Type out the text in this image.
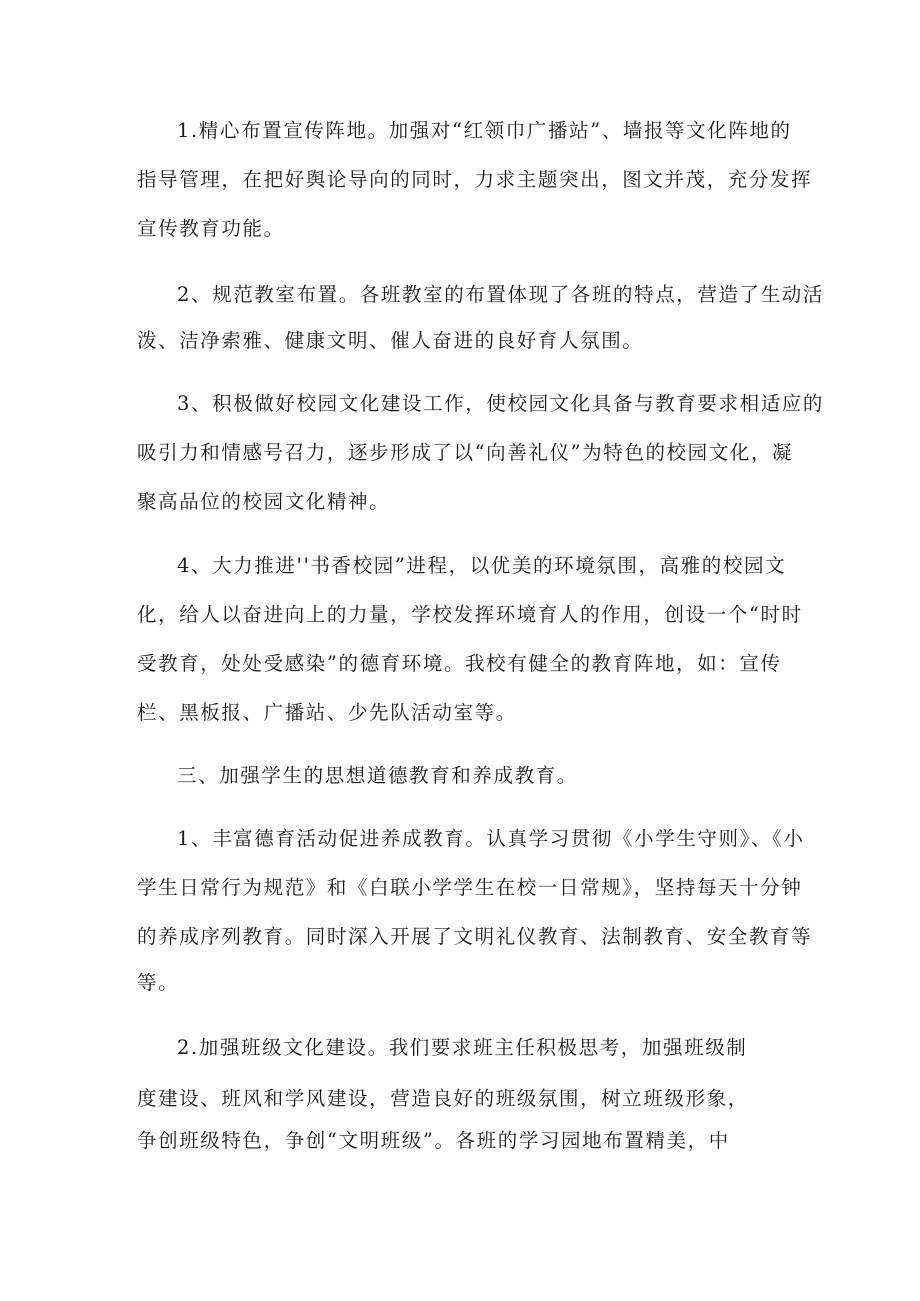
1.精心布置宣传阵地。加强对“红领巾广播站”、墙报等文化阵地的
指导管理，在把好舆论导向的同时，力求主题突出，图文并茂，充分发挥
宣传教育功能。
2、规范教室布置。各班教室的布置体现了各班的特点，营造了生动活
泼、洁净索雅、健康文明、催人奋进的良好育人氛围。
3、积极做好校园文化建设工作，使校园文化具备与教育要求相适应的
吸引力和情感号召力，逐步形成了以“向善礼仪”为特色的校园文化，凝
聚高品位的校园文化精神。
4、大力推进''书香校园”进程，以优美的环境氛围，高雅的校园文
化，给人以奋进向上的力量，学校发挥环境育人的作用，创设一个“时时
受教育，处处受感染”的德育环境。我校有健全的教育阵地，如：宣传
栏、黑板报、广播站、少先队活动室等。
三、加强学生的思想道德教育和养成教育。
1、丰富德育活动促进养成教育。认真学习贯彻《小学生守则》、《小
学生日常行为规范》和《白联小学学生在校一日常规》，坚持每天十分钟
的养成序列教育。同时深入开展了文明礼仪教育、法制教育、安全教育等
等。
2.加强班级文化建设。我们要求班主任积极思考，加强班级制
度建设、班风和学风建设，营造良好的班级氛围，树立班级形象，
争创班级特色，争创“文明班级”。各班的学习园地布置精美，中
